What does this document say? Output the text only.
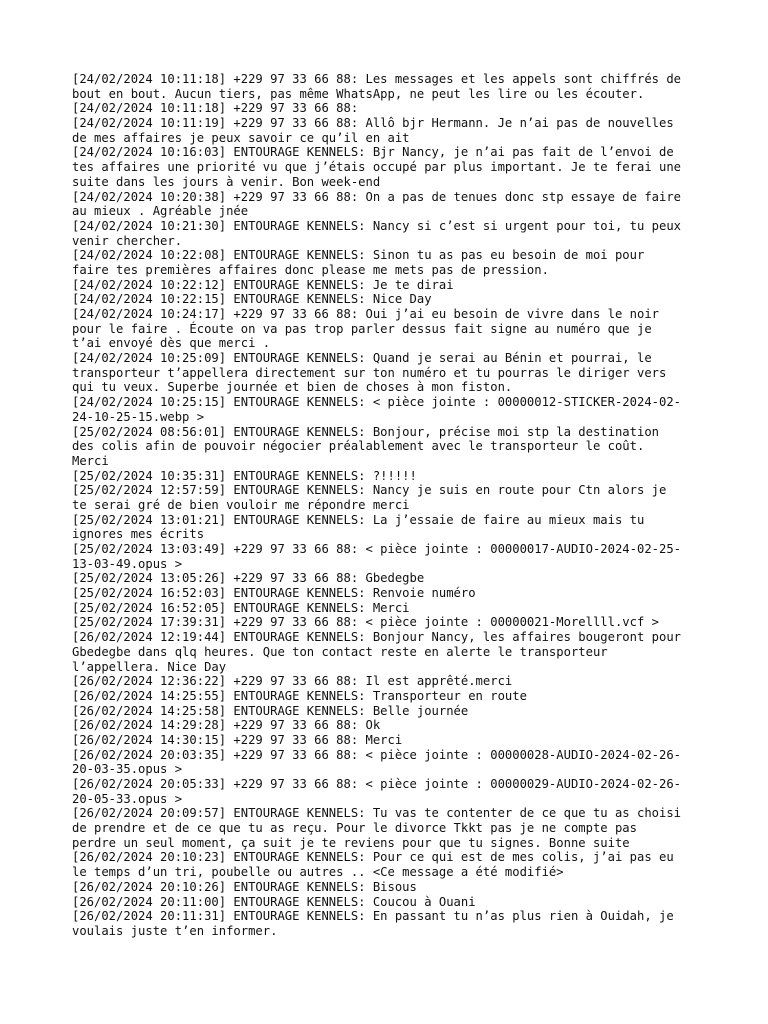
[24/02/2024 10:11:18] +229 97 33 66 88: Les messages et les appels sont chiffrés de
bout en bout. Aucun tiers, pas même WhatsApp, ne peut les lire ou les écouter.
[24/02/2024 10:11:18] +229 97 33 66 88:
[24/02/2024 10:11:19] +229 97 33 66 88: Allô bjr Hermann. Je n’ai pas de nouvelles
de mes affaires je peux savoir ce qu’il en ait
[24/02/2024 10:16:03] ENTOURAGE KENNELS: Bjr Nancy, je n’ai pas fait de l’envoi de
tes affaires une priorité vu que j’étais occupé par plus important. Je te ferai une
suite dans les jours à venir. Bon week-end
[24/02/2024 10:20:38] +229 97 33 66 88: On a pas de tenues donc stp essaye de faire
au mieux . Agréable jnée
[24/02/2024 10:21:30] ENTOURAGE KENNELS: Nancy si c’est si urgent pour toi, tu peux
venir chercher.
[24/02/2024 10:22:08] ENTOURAGE KENNELS: Sinon tu as pas eu besoin de moi pour
faire tes premières affaires donc please me mets pas de pression.
[24/02/2024 10:22:12] ENTOURAGE KENNELS: Je te dirai
[24/02/2024 10:22:15] ENTOURAGE KENNELS: Nice Day
[24/02/2024 10:24:17] +229 97 33 66 88: Oui j’ai eu besoin de vivre dans le noir
pour le faire . Écoute on va pas trop parler dessus fait signe au numéro que je
t’ai envoyé dès que merci .
[24/02/2024 10:25:09] ENTOURAGE KENNELS: Quand je serai au Bénin et pourrai, le
transporteur t’appellera directement sur ton numéro et tu pourras le diriger vers
qui tu veux. Superbe journée et bien de choses à mon fiston.
[24/02/2024 10:25:15] ENTOURAGE KENNELS: < pièce jointe : 00000012-STICKER-2024-02-
24-10-25-15.webp >
[25/02/2024 08:56:01] ENTOURAGE KENNELS: Bonjour, précise moi stp la destination
des colis afin de pouvoir négocier préalablement avec le transporteur le coût.
Merci
[25/02/2024 10:35:31] ENTOURAGE KENNELS: ?!!!!!
[25/02/2024 12:57:59] ENTOURAGE KENNELS: Nancy je suis en route pour Ctn alors je
te serai gré de bien vouloir me répondre merci
[25/02/2024 13:01:21] ENTOURAGE KENNELS: La j’essaie de faire au mieux mais tu
ignores mes écrits
[25/02/2024 13:03:49] +229 97 33 66 88: < pièce jointe : 00000017-AUDIO-2024-02-25-
13-03-49.opus >
[25/02/2024 13:05:26] +229 97 33 66 88: Gbedegbe
[25/02/2024 16:52:03] ENTOURAGE KENNELS: Renvoie numéro
[25/02/2024 16:52:05] ENTOURAGE KENNELS: Merci
[25/02/2024 17:39:31] +229 97 33 66 88: < pièce jointe : 00000021-Morellll.vcf >
[26/02/2024 12:19:44] ENTOURAGE KENNELS: Bonjour Nancy, les affaires bougeront pour
Gbedegbe dans qlq heures. Que ton contact reste en alerte le transporteur
l’appellera. Nice Day
[26/02/2024 12:36:22] +229 97 33 66 88: Il est apprêté.merci
[26/02/2024 14:25:55] ENTOURAGE KENNELS: Transporteur en route
[26/02/2024 14:25:58] ENTOURAGE KENNELS: Belle journée
[26/02/2024 14:29:28] +229 97 33 66 88: Ok
[26/02/2024 14:30:15] +229 97 33 66 88: Merci
[26/02/2024 20:03:35] +229 97 33 66 88: < pièce jointe : 00000028-AUDIO-2024-02-26-
20-03-35.opus >
[26/02/2024 20:05:33] +229 97 33 66 88: < pièce jointe : 00000029-AUDIO-2024-02-26-
20-05-33.opus >
[26/02/2024 20:09:57] ENTOURAGE KENNELS: Tu vas te contenter de ce que tu as choisi
de prendre et de ce que tu as reçu. Pour le divorce Tkkt pas je ne compte pas
perdre un seul moment, ça suit je te reviens pour que tu signes. Bonne suite
[26/02/2024 20:10:23] ENTOURAGE KENNELS: Pour ce qui est de mes colis, j’ai pas eu
le temps d’un tri, poubelle ou autres .. <Ce message a été modifié>
[26/02/2024 20:10:26] ENTOURAGE KENNELS: Bisous
[26/02/2024 20:11:00] ENTOURAGE KENNELS: Coucou à Ouani
[26/02/2024 20:11:31] ENTOURAGE KENNELS: En passant tu n’as plus rien à Ouidah, je
voulais juste t’en informer.
